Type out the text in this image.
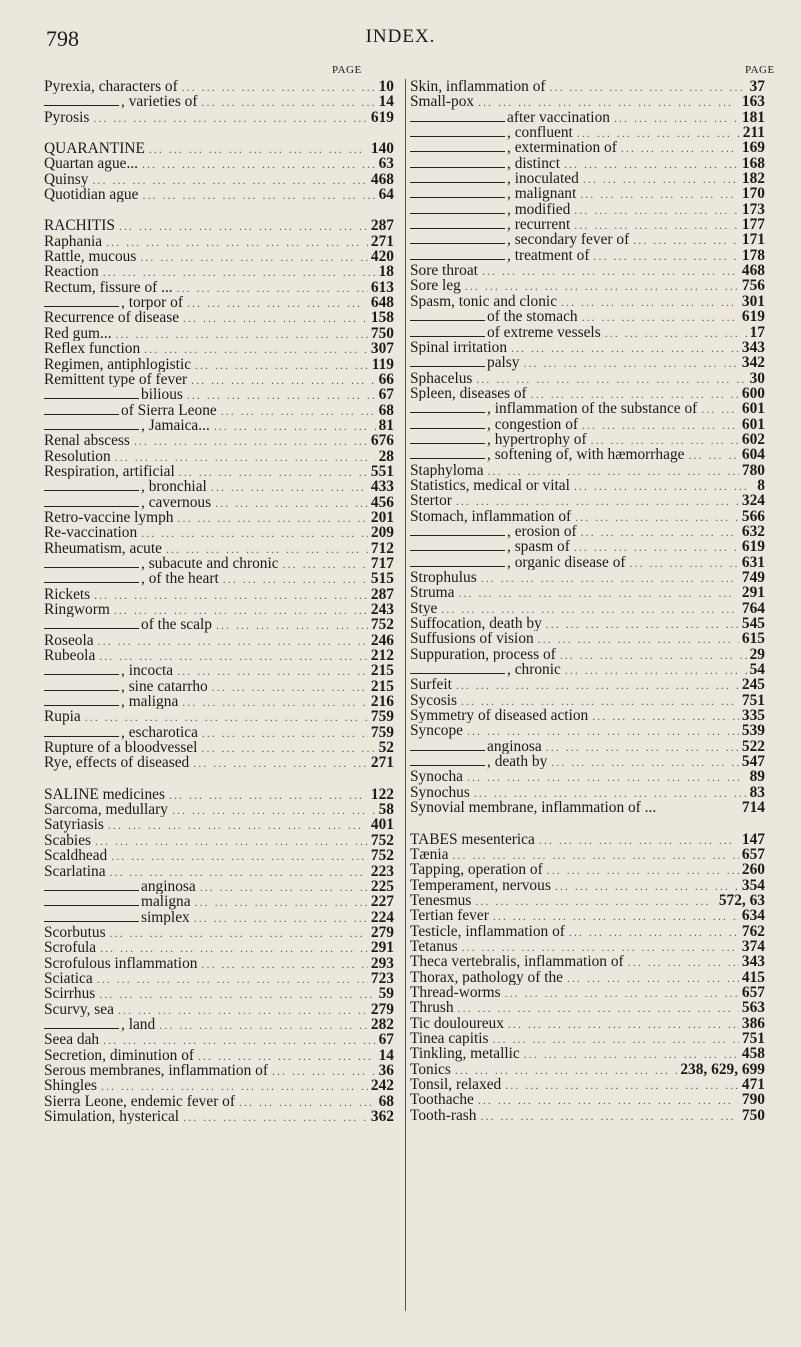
798	INDEX.
PAGE	PAGE
Pyrexia, characters of ... .	10
, varieties of ... .	14
Pyrosis ... .	619
QUARANTINE ... .	140
Quartan ague... ... .	63
Quinsy ... .	468
Quotidian ague ... .	64
RACHITIS ... .	287
Raphania ... .	271
Rattle, mucous ... .	420
Reaction ... .	18
Rectum, fissure of ... ... .	613
, torpor of ... .	648
Recurrence of disease ... .	158
Red gum... ... .	750
Reflex function ... .	307
Regimen, antiphlogistic ... .	119
Remittent type of fever ... .	66
bilious ... .	67
of Sierra Leone ... .	68
, Jamaica... ... .	81
Renal abscess ... .	676
Resolution ... .	28
Respiration, artificial ... .	551
, bronchial ... .	433
, cavernous ... .	456
Retro-vaccine lymph ... .	201
Re-vaccination ... .	209
Rheumatism, acute ... .	712
, subacute and chronic ... .	717
, of the heart ... .	515
Rickets ... .	287
Ringworm ... .	243
of the scalp ... .	752
Roseola ... .	246
Rubeola ... .	212
, incocta ... .	215
, sine catarrho ... .	215
, maligna ... .	216
Rupia ... .	759
, escharotica ... .	759
Rupture of a bloodvessel ... .	52
Rye, effects of diseased ... .	271
SALINE medicines ... .	122
Sarcoma, medullary ... .	58
Satyriasis ... .	401
Scabies ... .	752
Scaldhead ... .	752
Scarlatina ... .	223
anginosa ... .	225
maligna ... .	227
simplex ... .	224
Scorbutus ... .	279
Scrofula ... .	291
Scrofulous inflammation ... .	293
Sciatica ... .	723
Scirrhus ... .	59
Scurvy, sea ... .	279
, land ... .	282
Seea dah ... .	67
Secretion, diminution of ... .	14
Serous membranes, inflammation of ... .	36
Shingles ... .	242
Sierra Leone, endemic fever of ... .	68
Simulation, hysterical ... .	362
Skin, inflammation of ... .	37
Small-pox ... .	163
after vaccination ... .	181
, confluent ... .	211
, extermination of ... .	169
, distinct ... .	168
, inoculated ... .	182
, malignant ... .	170
, modified ... .	173
, recurrent ... .	177
, secondary fever of ... .	171
, treatment of ... .	178
Sore throat ... .	468
Sore leg ... .	756
Spasm, tonic and clonic ... .	301
of the stomach ... .	619
of extreme vessels ... .	17
Spinal irritation ... .	343
palsy ... .	342
Sphacelus ... .	30
Spleen, diseases of ... .	600
, inflammation of the substance of ... .	601
, congestion of ... .	601
, hypertrophy of ... .	602
, softening of, with hæmorrhage ... .	604
Staphyloma ... .	780
Statistics, medical or vital ... .	8
Stertor ... .	324
Stomach, inflammation of ... .	566
, erosion of ... .	632
, spasm of ... .	619
, organic disease of ... .	631
Strophulus ... .	749
Struma ... .	291
Stye ... .	764
Suffocation, death by ... .	545
Suffusions of vision ... .	615
Suppuration, process of ... .	29
, chronic ... .	54
Surfeit ... .	245
Sycosis ... .	751
Symmetry of diseased action ... .	335
Syncope ... .	539
anginosa ... .	522
, death by ... .	547
Synocha ... .	89
Synochus ... .	83
Synovial membrane, inflammation of ...	714
TABES mesenterica ... .	147
Tænia ... .	657
Tapping, operation of ... .	260
Temperament, nervous ... .	354
Tenesmus ... .	572, 63
Tertian fever ... .	634
Testicle, inflammation of ... .	762
Tetanus ... .	374
Theca vertebralis, inflammation of ... .	343
Thorax, pathology of the ... .	415
Thread-worms ... .	657
Thrush ... .	563
Tic douloureux ... .	386
Tinea capitis ... .	751
Tinkling, metallic ... .	458
Tonics ... .	238, 629, 699
Tonsil, relaxed ... .	471
Toothache ... .	790
Tooth-rash ... .	750
